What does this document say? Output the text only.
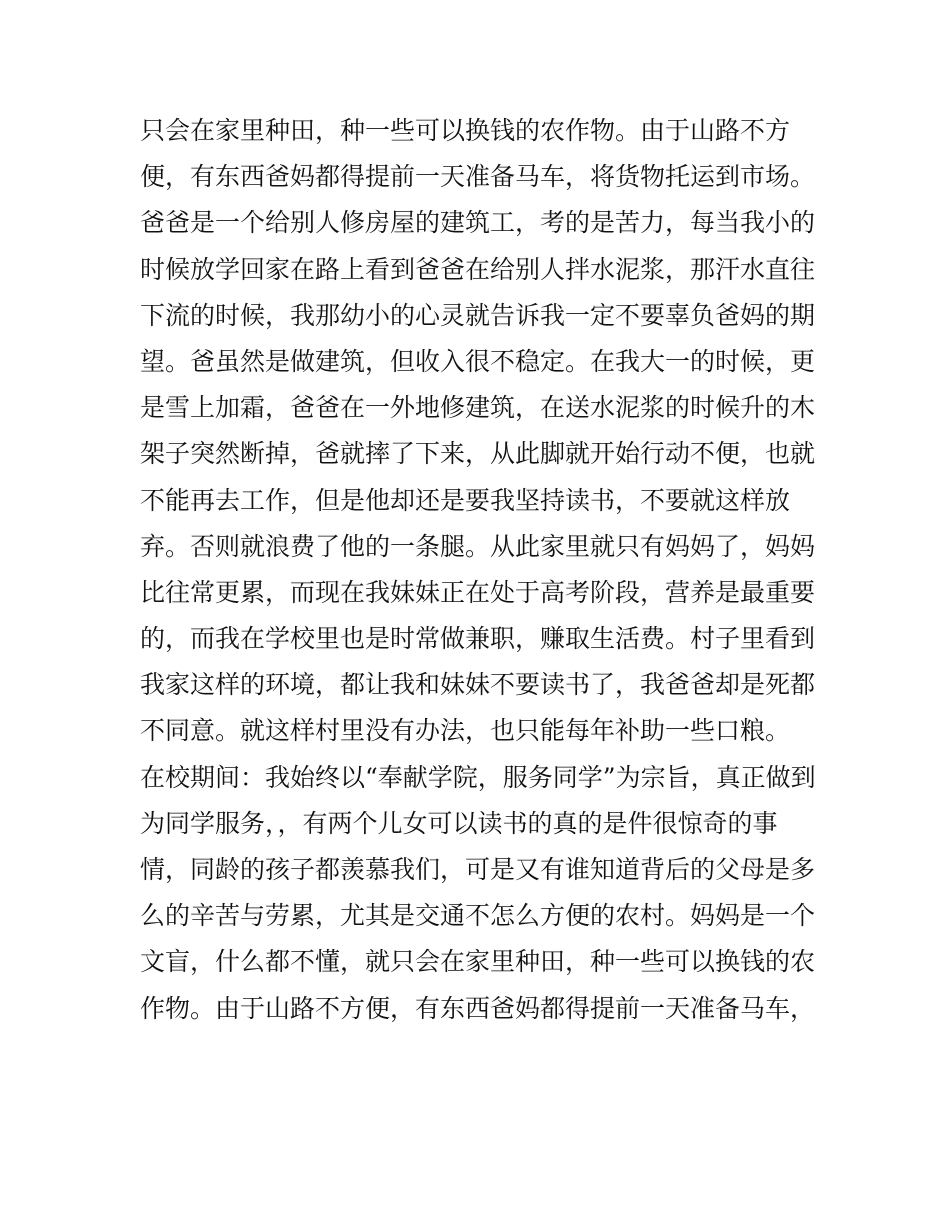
只会在家里种田，种一些可以换钱的农作物。由于山路不方
便，有东西爸妈都得提前一天准备马车，将货物托运到市场。
爸爸是一个给别人修房屋的建筑工，考的是苦力，每当我小的
时候放学回家在路上看到爸爸在给别人拌水泥浆，那汗水直往
下流的时候，我那幼小的心灵就告诉我一定不要辜负爸妈的期
望。爸虽然是做建筑，但收入很不稳定。在我大一的时候，更
是雪上加霜，爸爸在一外地修建筑，在送水泥浆的时候升的木
架子突然断掉，爸就摔了下来，从此脚就开始行动不便，也就
不能再去工作，但是他却还是要我坚持读书，不要就这样放
弃。否则就浪费了他的一条腿。从此家里就只有妈妈了，妈妈
比往常更累，而现在我妹妹正在处于高考阶段，营养是最重要
的，而我在学校里也是时常做兼职，赚取生活费。村子里看到
我家这样的环境，都让我和妹妹不要读书了，我爸爸却是死都
不同意。就这样村里没有办法，也只能每年补助一些口粮。
在校期间：我始终以“奉献学院，服务同学”为宗旨，真正做到
为同学服务，，有两个儿女可以读书的真的是件很惊奇的事
情，同龄的孩子都羡慕我们，可是又有谁知道背后的父母是多
么的辛苦与劳累，尤其是交通不怎么方便的农村。妈妈是一个
文盲，什么都不懂，就只会在家里种田，种一些可以换钱的农
作物。由于山路不方便，有东西爸妈都得提前一天准备马车，
